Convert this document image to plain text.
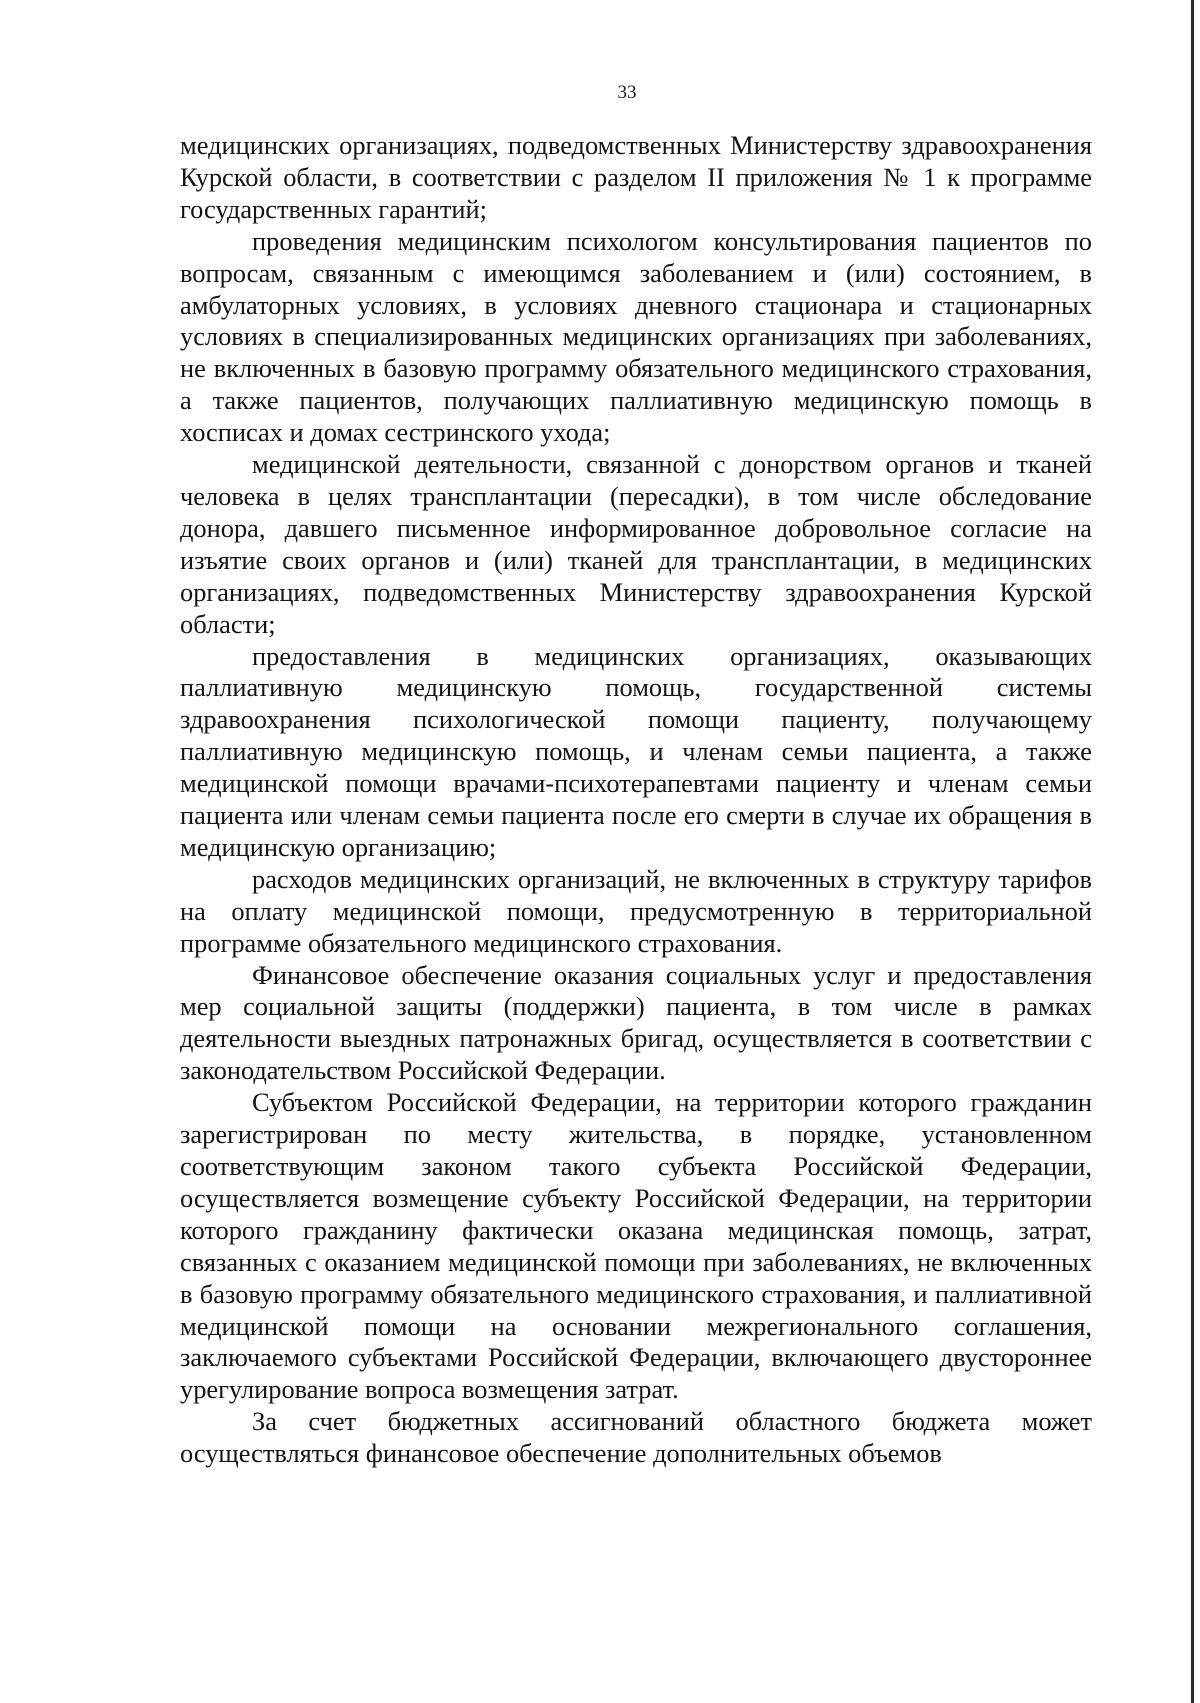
33

медицинских организациях, подведомственных Министерству здравоохранения Курской области, в соответствии с разделом II приложения № 1 к программе государственных гарантий;

проведения медицинским психологом консультирования пациентов по вопросам, связанным с имеющимся заболеванием и (или) состоянием, в амбулаторных условиях, в условиях дневного стационара и стационарных условиях в специализированных медицинских организациях при заболеваниях, не включенных в базовую программу обязательного медицинского страхования, а также пациентов, получающих паллиативную медицинскую помощь в хосписах и домах сестринского ухода;

медицинской деятельности, связанной с донорством органов и тканей человека в целях трансплантации (пересадки), в том числе обследование донора, давшего письменное информированное добровольное согласие на изъятие своих органов и (или) тканей для трансплантации, в медицинских организациях, подведомственных Министерству здравоохранения Курской области;

предоставления в медицинских организациях, оказывающих паллиативную медицинскую помощь, государственной системы здравоохранения психологической помощи пациенту, получающему паллиативную медицинскую помощь, и членам семьи пациента, а также медицинской помощи врачами-психотерапевтами пациенту и членам семьи пациента или членам семьи пациента после его смерти в случае их обращения в медицинскую организацию;

расходов медицинских организаций, не включенных в структуру тарифов на оплату медицинской помощи, предусмотренную в территориальной программе обязательного медицинского страхования.

Финансовое обеспечение оказания социальных услуг и предоставления мер социальной защиты (поддержки) пациента, в том числе в рамках деятельности выездных патронажных бригад, осуществляется в соответствии с законодательством Российской Федерации.

Субъектом Российской Федерации, на территории которого гражданин зарегистрирован по месту жительства, в порядке, установленном соответствующим законом такого субъекта Российской Федерации, осуществляется возмещение субъекту Российской Федерации, на территории которого гражданину фактически оказана медицинская помощь, затрат, связанных с оказанием медицинской помощи при заболеваниях, не включенных в базовую программу обязательного медицинского страхования, и паллиативной медицинской помощи на основании межрегионального соглашения, заключаемого субъектами Российской Федерации, включающего двустороннее урегулирование вопроса возмещения затрат.

За счет бюджетных ассигнований областного бюджета может осуществляться финансовое обеспечение дополнительных объемов
